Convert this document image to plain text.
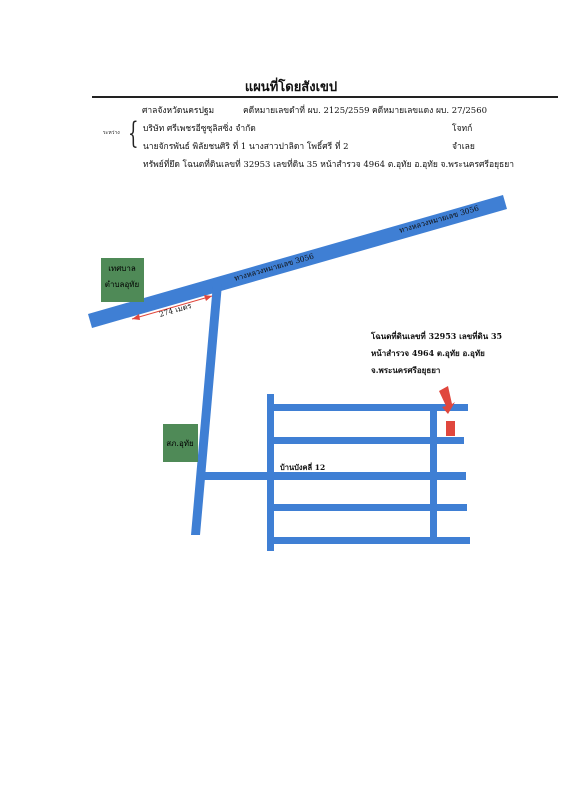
แผนที่โดยสังเขป
ศาลจังหวัดนครปฐม	คดีหมายเลขดำที่ ผบ. 2125/2559 คดีหมายเลขแดง ผบ. 27/2560
{
ระหว่าง	บริษัท ศรีเพชรอีซูซุลิสซิ่ง จำกัด	โจทก์
นายจักรพันธ์ พิลัยชนศิริ ที่ 1 นางสาวปาลิดา โพธิ์ศรี ที่ 2	จำเลย
ทรัพย์ที่ยึด โฉนดที่ดินเลขที่ 32953 เลขที่ดิน 35 หน้าสำรวจ 4964 ต.อุทัย อ.อุทัย จ.พระนครศรีอยุธยา
เทศบาล
ตำบลอุทัย
สภ.อุทัย
ทางหลวงหมายเลข 3056
ทางหลวงหมายเลข 3056
274 เมตร
บ้านบังคลี่ 12
โฉนดที่ดินเลขที่ 32953 เลขที่ดิน 35
หน้าสำรวจ 4964 ต.อุทัย อ.อุทัย
จ.พระนครศรีอยุธยา
